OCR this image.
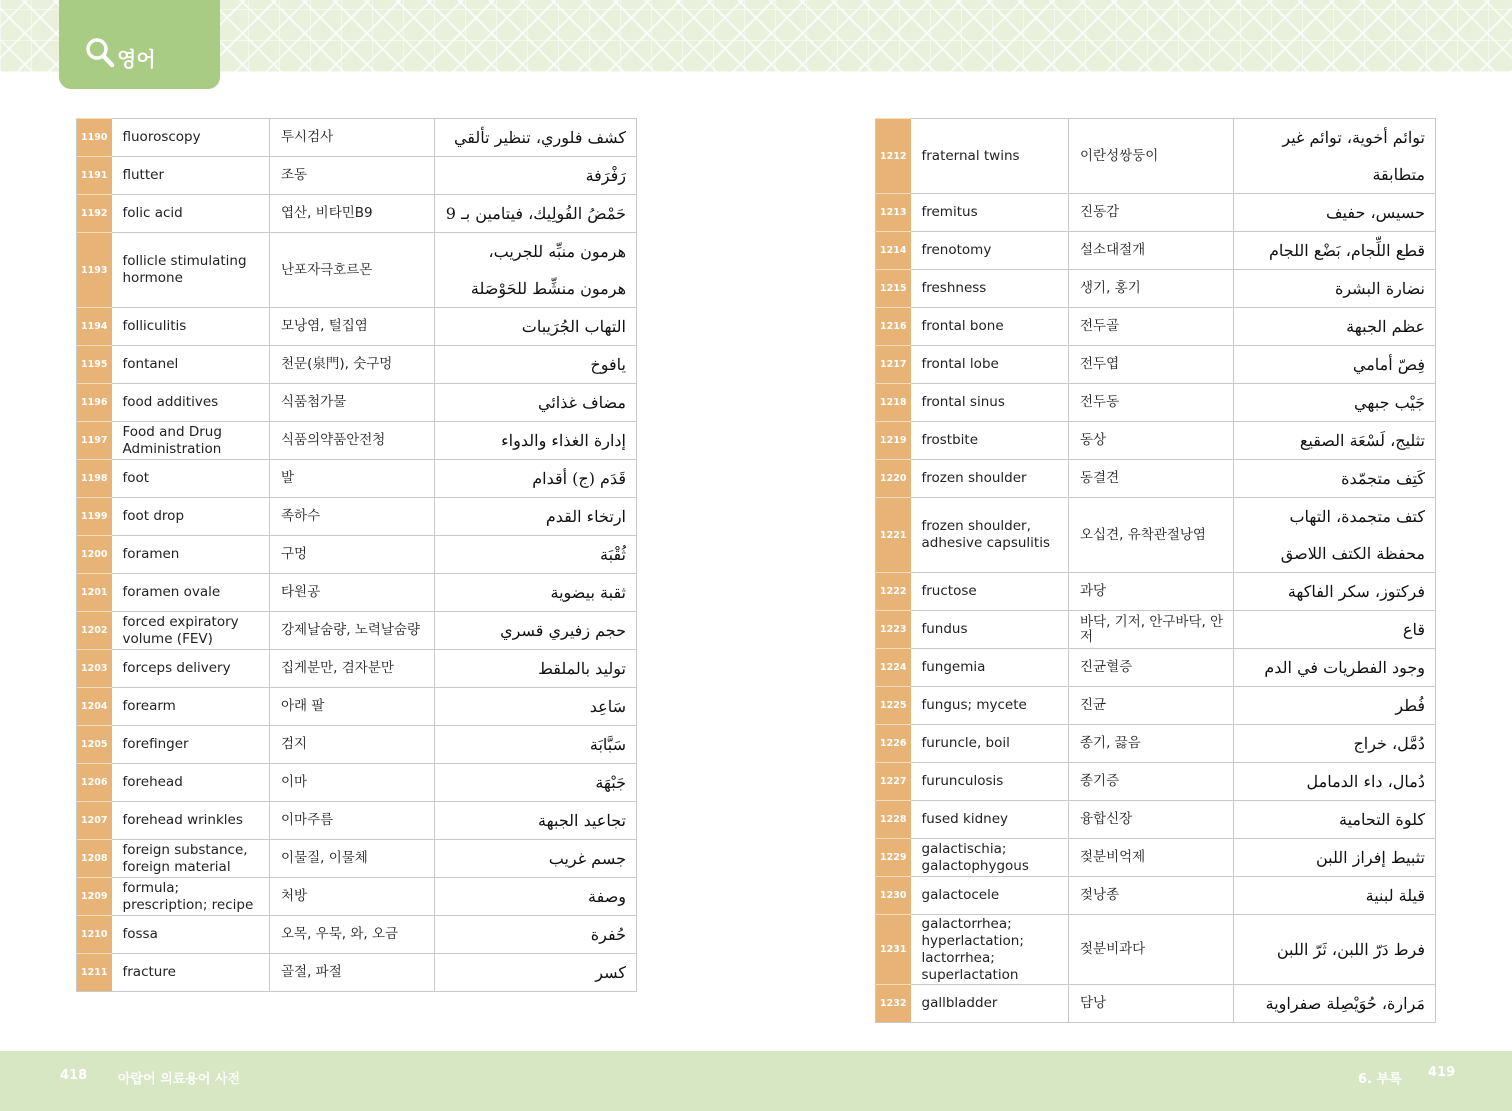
영어
1190	fluoroscopy	투시검사	كشف فلوري، تنظير تألقي
1191	flutter	조동	رَفْرَفة
1192	folic acid	엽산, 비타민B9	حَمْضُ الفُولِيك، فيتامين بـ 9
1193	follicle stimulating hormone	난포자극호르몬	هرمون منبِّه للجريب، هرمون منشِّط للحَوْصَلة
1194	folliculitis	모낭염, 털집염	التهاب الجُرَيبات
1195	fontanel	천문(泉門), 숫구멍	يافوخ
1196	food additives	식품첨가물	مضاف غذائي
1197	Food and Drug Administration	식품의약품안전청	إدارة الغذاء والدواء
1198	foot	발	قَدَم (ج) أقدام
1199	foot drop	족하수	ارتخاء القدم
1200	foramen	구멍	ثُقْبَة
1201	foramen ovale	타원공	ثقبة بيضوية
1202	forced expiratory volume (FEV)	강제날숨량, 노력날숨량	حجم زفيري قسري
1203	forceps delivery	집게분만, 겸자분만	توليد بالملقط
1204	forearm	아래 팔	سَاعِد
1205	forefinger	검지	سَبَّابَة
1206	forehead	이마	جَبْهَة
1207	forehead wrinkles	이마주름	تجاعيد الجبهة
1208	foreign substance, foreign material	이물질, 이물체	جسم غريب
1209	formula; prescription; recipe	처방	وصفة
1210	fossa	오목, 우묵, 와, 오금	حُفرة
1211	fracture	골절, 파절	كسر
1212	fraternal twins	이란성쌍둥이	توائم أخوية، توائم غير متطابقة
1213	fremitus	진동감	حسيس، حفيف
1214	frenotomy	설소대절개	قطع اللِّجام، بَضْع اللجام
1215	freshness	생기, 홍기	نضارة البشرة
1216	frontal bone	전두골	عظم الجبهة
1217	frontal lobe	전두엽	فِصّ أمامي
1218	frontal sinus	전두동	جَيْب جبهي
1219	frostbite	동상	تثليج، لَسْعَة الصقيع
1220	frozen shoulder	동결견	كَتِف متجمّدة
1221	frozen shoulder, adhesive capsulitis	오십견, 유착관절낭염	كتف متجمدة، التهاب محفظة الكتف اللاصق
1222	fructose	과당	فركتوز، سكر الفاكهة
1223	fundus	바닥, 기저, 안구바닥, 안저	قاع
1224	fungemia	진균혈증	وجود الفطريات في الدم
1225	fungus; mycete	진균	فُطر
1226	furuncle, boil	종기, 끓음	دُمَّل، خراج
1227	furunculosis	종기증	دُمال، داء الدمامل
1228	fused kidney	융합신장	كلوة التحامية
1229	galactischia; galactophygous	젖분비억제	تثبيط إفراز اللبن
1230	galactocele	젖낭종	قيلة لبنية
1231	galactorrhea; hyperlactation; lactorrhea; superlactation	젖분비과다	فرط دَرّ اللبن، ثَرّ اللبن
1232	gallbladder	담낭	مَرارة، حُوَيْصِلة صفراوية
418 아랍어 의료용어 사전	6. 부록 419
